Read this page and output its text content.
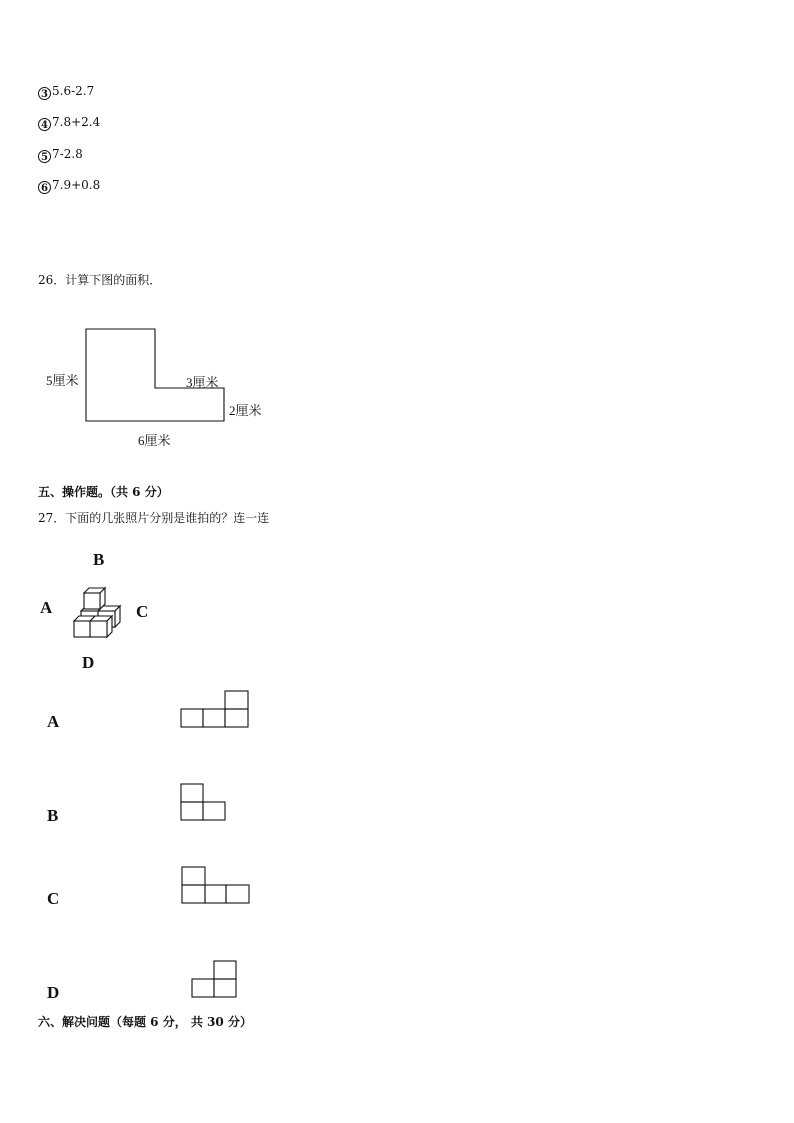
3 5.6-2.7
4 7.8+2.4
5 7-2.8
6 7.9+0.8
26．计算下图的面积．
5厘米	3厘米
2厘米
6厘米
五、操作题。（共 6 分）
27．下面的几张照片分别是谁拍的？连一连
B
A	C
D
A
B
C
D
六、解决问题（每题 6 分， 共 30 分）
